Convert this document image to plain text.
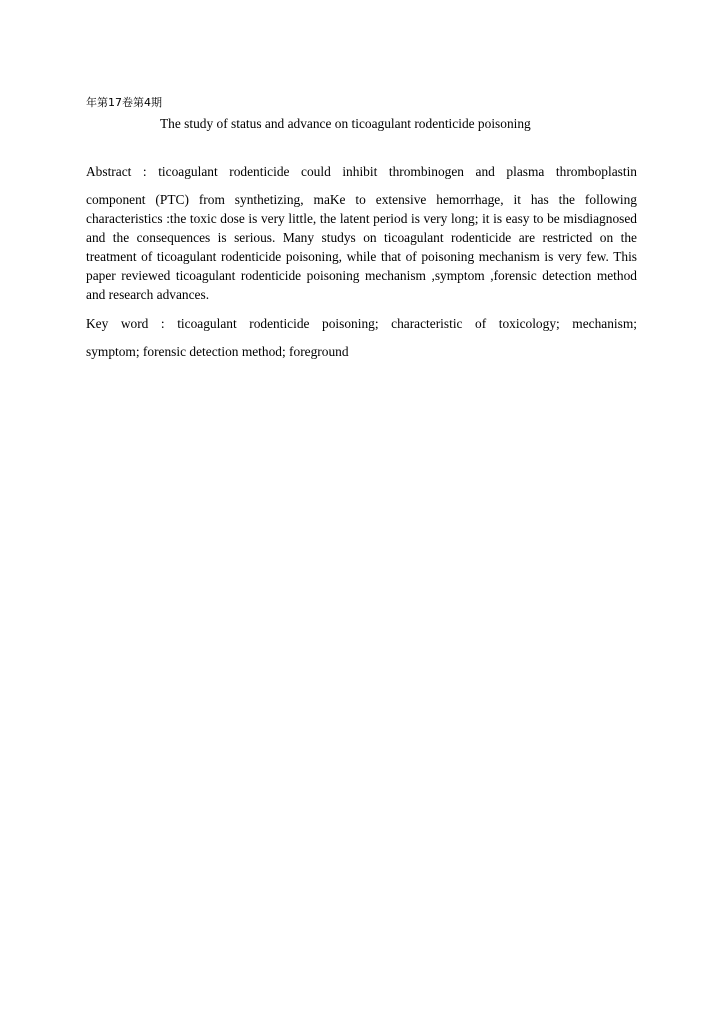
年第17卷第4期
The study of status and advance on ticoagulant rodenticide poisoning
Abstract : ticoagulant rodenticide could inhibit thrombinogen and plasma thromboplastin
component (PTC) from synthetizing, maKe to extensive hemorrhage, it has the following characteristics :the toxic dose is very little, the latent period is very long; it is easy to be misdiagnosed and the consequences is serious. Many studys on ticoagulant rodenticide are restricted on the treatment of ticoagulant rodenticide poisoning, while that of poisoning mechanism is very few. This paper reviewed ticoagulant rodenticide poisoning mechanism ,symptom ,forensic detection method and research advances.
Key word : ticoagulant rodenticide poisoning; characteristic of toxicology; mechanism;
symptom; forensic detection method; foreground
